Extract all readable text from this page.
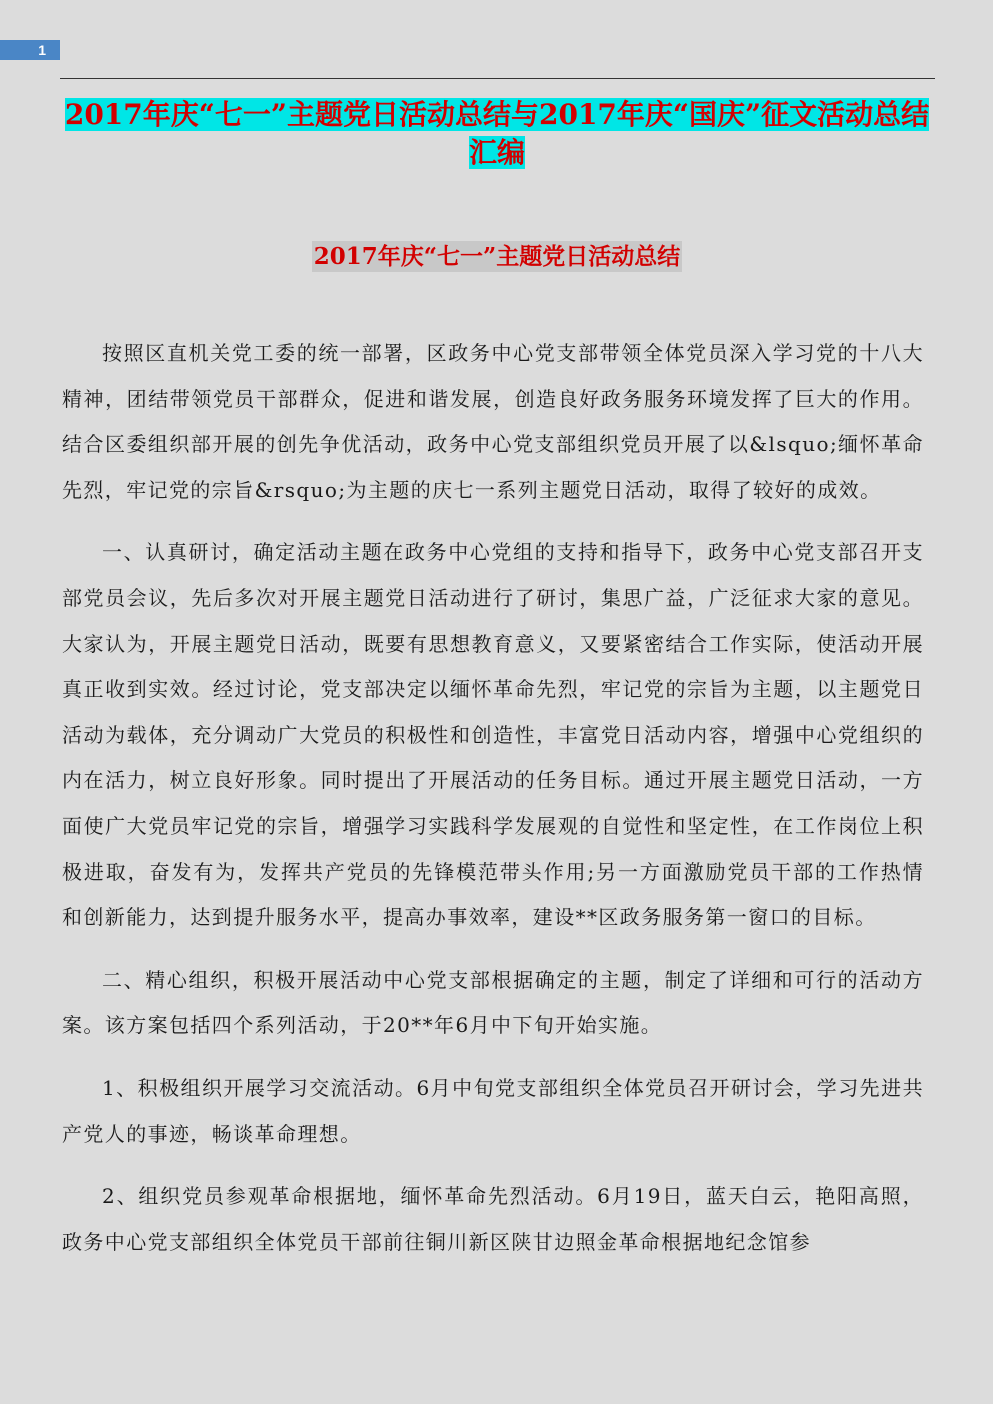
1
2017年庆“七一”主题党日活动总结与2017年庆“国庆”征文活动总结汇编
2017年庆“七一”主题党日活动总结

按照区直机关党工委的统一部署，区政务中心党支部带领全体党员深入学习党的十八大精神，团结带领党员干部群众，促进和谐发展，创造良好政务服务环境发挥了巨大的作用。结合区委组织部开展的创先争优活动，政务中心党支部组织党员开展了以&lsquo;缅怀革命先烈，牢记党的宗旨&rsquo;为主题的庆七一系列主题党日活动，取得了较好的成效。

一、认真研讨，确定活动主题在政务中心党组的支持和指导下，政务中心党支部召开支部党员会议，先后多次对开展主题党日活动进行了研讨，集思广益，广泛征求大家的意见。大家认为，开展主题党日活动，既要有思想教育意义，又要紧密结合工作实际，使活动开展真正收到实效。经过讨论，党支部决定以缅怀革命先烈，牢记党的宗旨为主题，以主题党日活动为载体，充分调动广大党员的积极性和创造性，丰富党日活动内容，增强中心党组织的内在活力，树立良好形象。同时提出了开展活动的任务目标。通过开展主题党日活动，一方面使广大党员牢记党的宗旨，增强学习实践科学发展观的自觉性和坚定性，在工作岗位上积极进取，奋发有为，发挥共产党员的先锋模范带头作用;另一方面激励党员干部的工作热情和创新能力，达到提升服务水平，提高办事效率，建设**区政务服务第一窗口的目标。

二、精心组织，积极开展活动中心党支部根据确定的主题，制定了详细和可行的活动方案。该方案包括四个系列活动，于20**年6月中下旬开始实施。

1、积极组织开展学习交流活动。6月中旬党支部组织全体党员召开研讨会，学习先进共产党人的事迹，畅谈革命理想。

2、组织党员参观革命根据地，缅怀革命先烈活动。6月19日，蓝天白云，艳阳高照，政务中心党支部组织全体党员干部前往铜川新区陕甘边照金革命根据地纪念馆参
